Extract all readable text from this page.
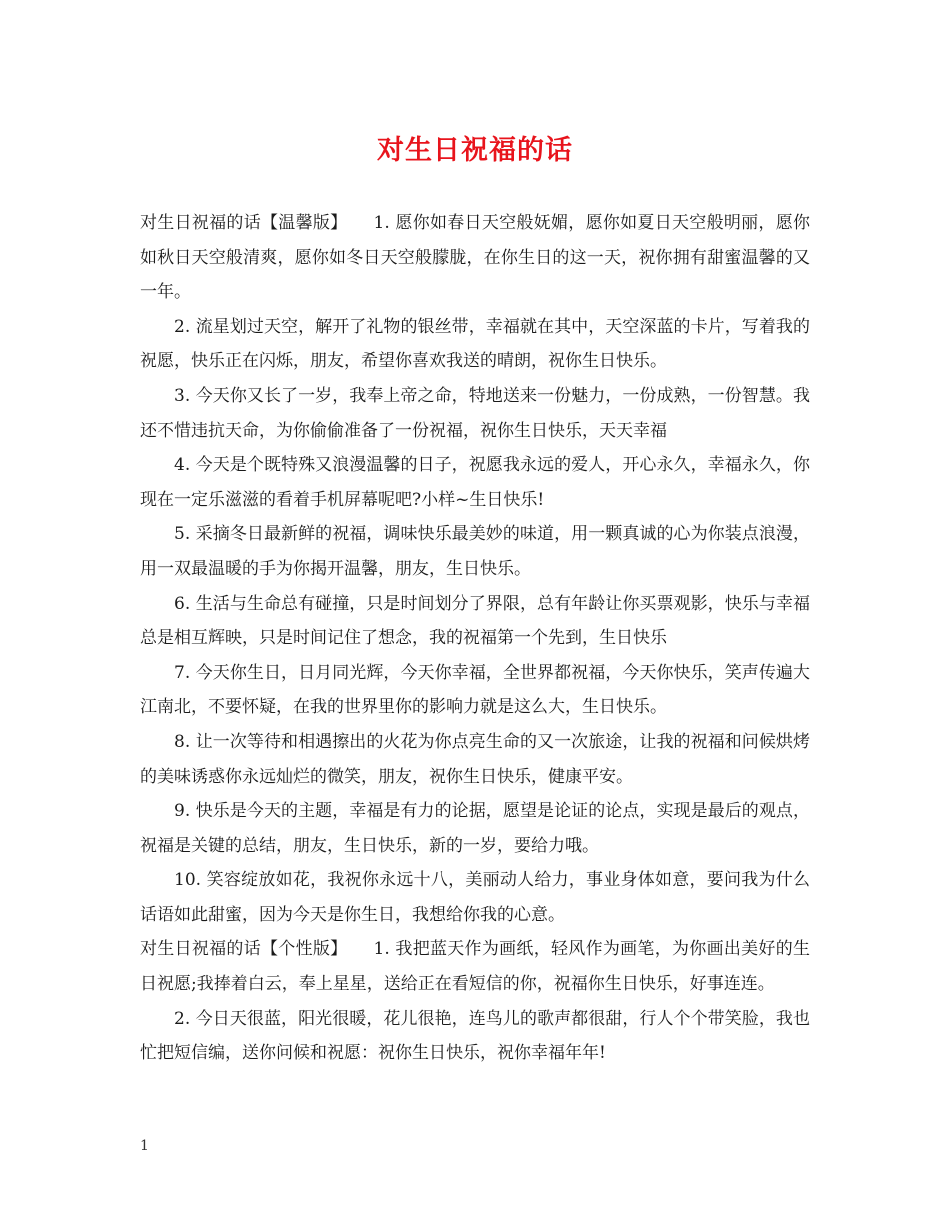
对生日祝福的话

对生日祝福的话【温馨版】　　1. 愿你如春日天空般妩媚，愿你如夏日天空般明丽，愿你如秋日天空般清爽，愿你如冬日天空般朦胧，在你生日的这一天，祝你拥有甜蜜温馨的又一年。

2. 流星划过天空，解开了礼物的银丝带，幸福就在其中，天空深蓝的卡片，写着我的祝愿，快乐正在闪烁，朋友，希望你喜欢我送的晴朗，祝你生日快乐。

3. 今天你又长了一岁，我奉上帝之命，特地送来一份魅力，一份成熟，一份智慧。我还不惜违抗天命，为你偷偷准备了一份祝福，祝你生日快乐，天天幸福

4. 今天是个既特殊又浪漫温馨的日子，祝愿我永远的爱人，开心永久，幸福永久，你现在一定乐滋滋的看着手机屏幕呢吧?小样~生日快乐!

5. 采摘冬日最新鲜的祝福，调味快乐最美妙的味道，用一颗真诚的心为你装点浪漫，用一双最温暖的手为你揭开温馨，朋友，生日快乐。

6. 生活与生命总有碰撞，只是时间划分了界限，总有年龄让你买票观影，快乐与幸福总是相互辉映，只是时间记住了想念，我的祝福第一个先到，生日快乐

7. 今天你生日，日月同光辉，今天你幸福，全世界都祝福，今天你快乐，笑声传遍大江南北，不要怀疑，在我的世界里你的影响力就是这么大，生日快乐。

8. 让一次等待和相遇擦出的火花为你点亮生命的又一次旅途，让我的祝福和问候烘烤的美味诱惑你永远灿烂的微笑，朋友，祝你生日快乐，健康平安。

9. 快乐是今天的主题，幸福是有力的论据，愿望是论证的论点，实现是最后的观点，祝福是关键的总结，朋友，生日快乐，新的一岁，要给力哦。

10. 笑容绽放如花，我祝你永远十八，美丽动人给力，事业身体如意，要问我为什么话语如此甜蜜，因为今天是你生日，我想给你我的心意。

对生日祝福的话【个性版】　　1. 我把蓝天作为画纸，轻风作为画笔，为你画出美好的生日祝愿;我捧着白云，奉上星星，送给正在看短信的你，祝福你生日快乐，好事连连。

2. 今日天很蓝，阳光很暖，花儿很艳，连鸟儿的歌声都很甜，行人个个带笑脸，我也忙把短信编，送你问候和祝愿：祝你生日快乐，祝你幸福年年!

1
